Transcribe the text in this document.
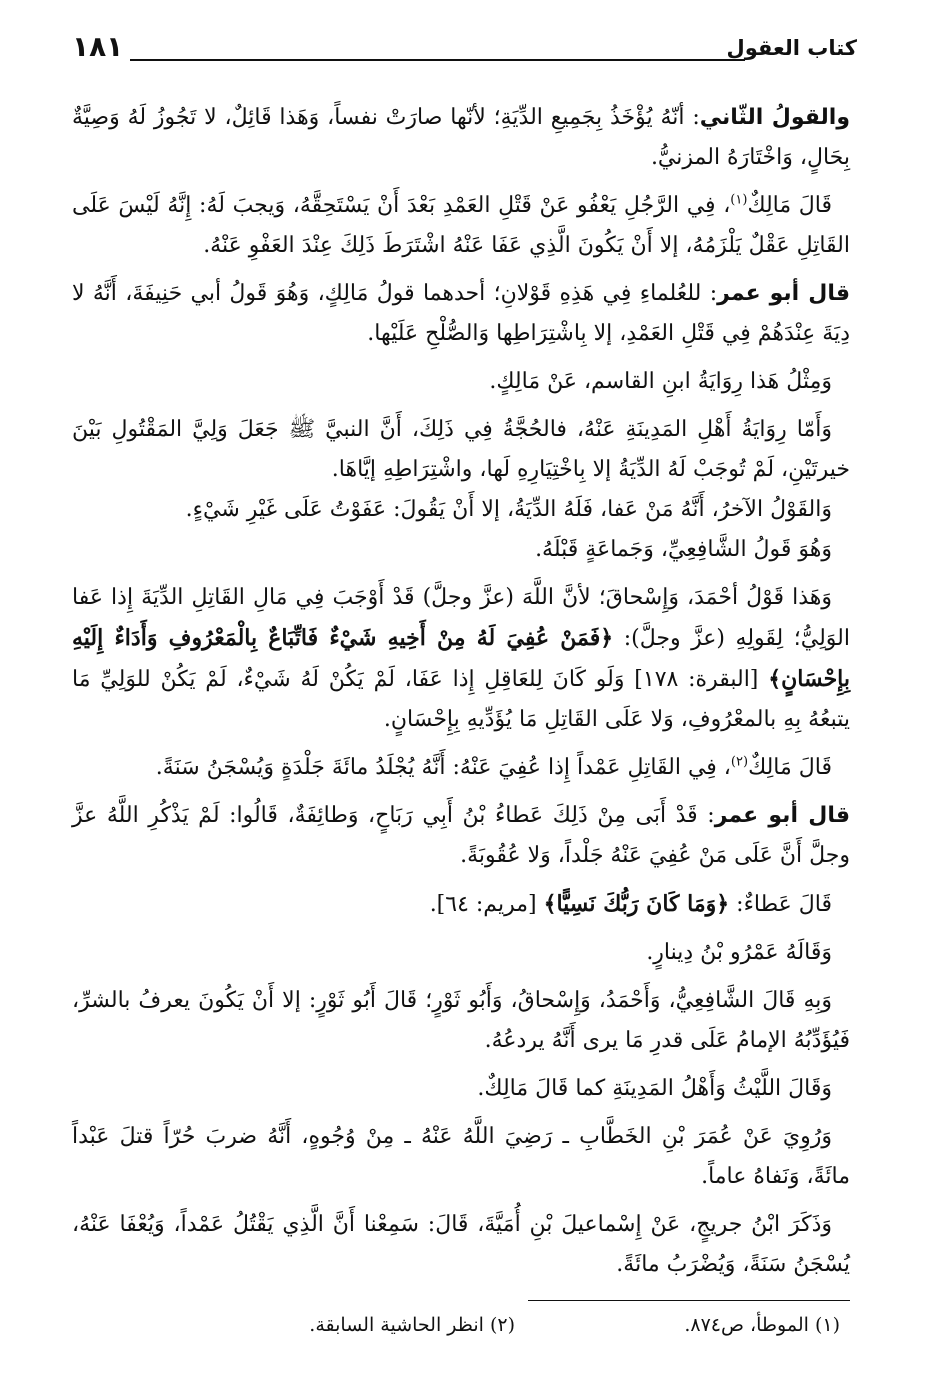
كتاب العقول
١٨١

والقولُ الثّاني: أنّهُ يُؤْخَذُ بِجَمِيعِ الدِّيَةِ؛ لأنّها صارَتْ نفساً، وَهَذا قَائِلٌ، لا تَجُوزُ لَهُ وَصِيَّةٌ بِحَالٍ، وَاخْتَارَهُ المزنيُّ.

قَالَ مَالِكٌ$^{(١)}$، فِي الرَّجُلِ يَعْفُو عَنْ قَتْلِ العَمْدِ بَعْدَ أَنْ يَسْتَحِقَّهُ، وَيجبَ لَهُ: إِنَّهُ لَيْسَ عَلَى القَاتِلِ عَقْلٌ يَلْزَمُهُ، إلا أَنْ يَكُونَ الَّذِي عَفَا عَنْهُ اشْتَرَطَ ذَلِكَ عِنْدَ العَفْوِ عَنْهُ.

قال أبو عمر: للعُلماءِ فِي هَذِهِ قَوْلانِ؛ أحدهما قولُ مَالِكٍ، وَهُوَ قَولُ أبي حَنِيفَةَ، أَنَّهُ لا دِيَةَ عِنْدَهُمْ فِي قَتْلِ العَمْدِ، إلا بِاشْتِرَاطِها وَالصُّلْحِ عَلَيْها.

وَمِثْلُ هَذا رِوَايَةُ ابنِ القاسم، عَنْ مَالِكٍ.

وَأَمّا رِوَايَةُ أَهْلِ المَدِينَةِ عَنْهُ، فالحُجَّةُ فِي ذَلِكَ، أَنَّ النبيَّ ﷺ جَعَلَ وَلِيَّ المَقْتُولِ بَيْنَ خيرتَيْنِ، لَمْ تُوجَبْ لَهُ الدِّيَةُ إلا بِاخْتِيَارِهِ لَها، واشْتِرَاطِهِ إيَّاهَا.

وَالقَوْلُ الآخرُ، أَنَّهُ مَنْ عَفا، فَلَهُ الدِّيَةُ، إلا أَنْ يَقُولَ: عَفَوْتُ عَلَى غَيْرِ شَيْءٍ.

وَهُوَ قَولُ الشَّافِعِيِّ، وَجَماعَةٍ قَبْلَهُ.

وَهَذا قَوْلُ أحْمَدَ، وَإِسْحاقَ؛ لأنَّ اللَّهَ (عزَّ وجلَّ) قَدْ أَوْجَبَ فِي مَالِ القَاتِلِ الدِّيَةَ إِذا عَفا الوَلِيُّ؛ لِقَولِهِ (عزَّ وجلَّ): ﴿فَمَنْ عُفِيَ لَهُ مِنْ أَخِيهِ شَيْءٌ فَاتِّبَاعٌ بِالْمَعْرُوفِ وَأَدَاءٌ إِلَيْهِ بِإِحْسَانٍ﴾ [البقرة: ١٧٨] وَلَو كَانَ لِلعَاقِلِ إِذا عَفَا، لَمْ يَكُنْ لَهُ شَيْءٌ، لَمْ يَكُنْ للوَلِيِّ مَا يتبعُهُ بِهِ بالمعْرُوفِ، وَلا عَلَى القَاتِلِ مَا يُؤَدِّيهِ بِإِحْسَانٍ.

قَالَ مَالِكٌ$^{(٢)}$، فِي القَاتِلِ عَمْداً إِذا عُفِيَ عَنْهُ: أَنَّهُ يُجْلَدُ مائَةَ جَلْدَةٍ وَيُسْجَنُ سَنَةً.

قال أبو عمر: قَدْ أَبَى مِنْ ذَلِكَ عَطاءُ بْنُ أَبِي رَبَاحٍ، وَطائِفَةٌ، قَالُوا: لَمْ يَذْكُرِ اللَّهُ عزَّ وجلَّ أَنَّ عَلَى مَنْ عُفِيَ عَنْهُ جَلْداً، وَلا عُقُوبَةً.

قَالَ عَطاءٌ: ﴿وَمَا كَانَ رَبُّكَ نَسِيًّا﴾ [مريم: ٦٤].

وَقَالَهُ عَمْرُو بْنُ دِينارٍ.

وَبِهِ قَالَ الشَّافِعِيُّ، وَأَحْمَدُ، وَإِسْحاقُ، وَأَبُو ثَوْرٍ؛ قَالَ أَبُو ثَوْرٍ: إلا أَنْ يَكُونَ يعرفُ بالشرِّ، فَيُؤَدِّبُهُ الإمامُ عَلَى قدرِ مَا يرى أَنَّهُ يردعُهُ.

وَقَالَ اللَّيْثُ وَأَهْلُ المَدِينَةِ كما قَالَ مَالِكٌ.

وَرُوِيَ عَنْ عُمَرَ بْنِ الخَطَّابِ ـ رَضِيَ اللَّهُ عَنْهُ ـ مِنْ وُجُوهٍ، أَنَّهُ ضربَ حُرّاً قتلَ عَبْداً مائَةً، وَنَفاهُ عاماً.

وَذَكَرَ ابْنُ جريجٍ، عَنْ إِسْماعيلَ بْنِ أُمَيَّةَ، قَالَ: سَمِعْنا أَنَّ الَّذِي يَقْتُلُ عَمْداً، وَيُعْفَا عَنْهُ، يُسْجَنُ سَنَةً، وَيُضْرَبُ مائَةً.

(١) الموطأ، ص٨٧٤.
(٢) انظر الحاشية السابقة.
